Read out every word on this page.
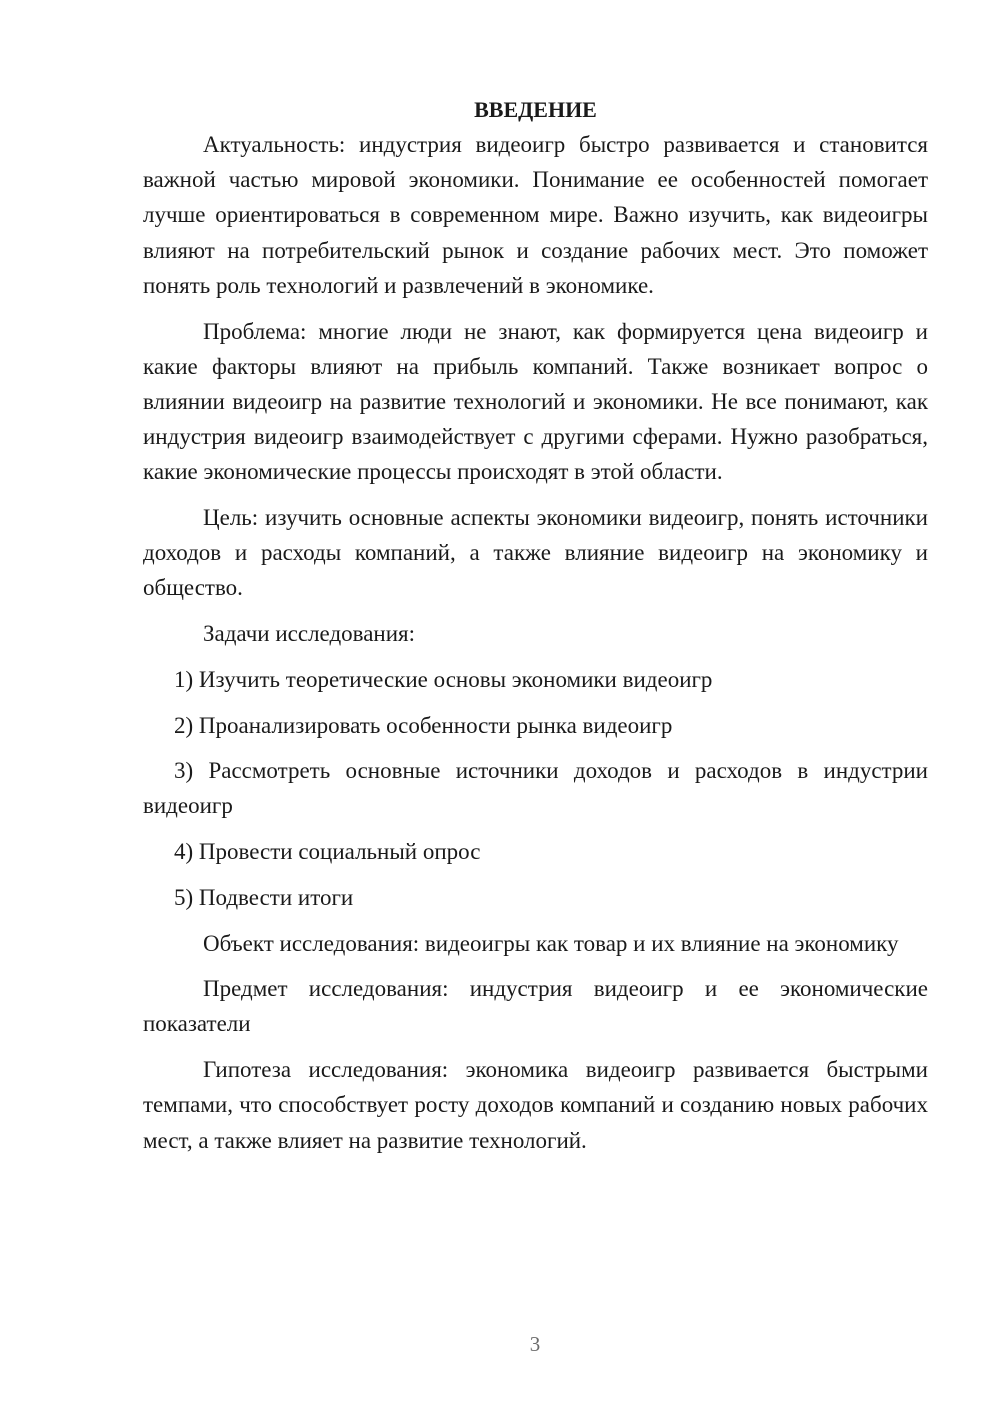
ВВЕДЕНИЕ

Актуальность: индустрия видеоигр быстро развивается и становится важной частью мировой экономики. Понимание ее особенностей помогает лучше ориентироваться в современном мире. Важно изучить, как видеоигры влияют на потребительский рынок и создание рабочих мест. Это поможет понять роль технологий и развлечений в экономике.

Проблема: многие люди не знают, как формируется цена видеоигр и какие факторы влияют на прибыль компаний. Также возникает вопрос о влиянии видеоигр на развитие технологий и экономики. Не все понимают, как индустрия видеоигр взаимодействует с другими сферами. Нужно разобраться, какие экономические процессы происходят в этой области.

Цель: изучить основные аспекты экономики видеоигр, понять источники доходов и расходы компаний, а также влияние видеоигр на экономику и общество.

Задачи исследования:

1) Изучить теоретические основы экономики видеоигр

2) Проанализировать особенности рынка видеоигр

3) Рассмотреть основные источники доходов и расходов в индустрии видеоигр

4) Провести социальный опрос

5) Подвести итоги

Объект исследования: видеоигры как товар и их влияние на экономику

Предмет исследования: индустрия видеоигр и ее экономические показатели

Гипотеза исследования: экономика видеоигр развивается быстрыми темпами, что способствует росту доходов компаний и созданию новых рабочих мест, а также влияет на развитие технологий.

3
